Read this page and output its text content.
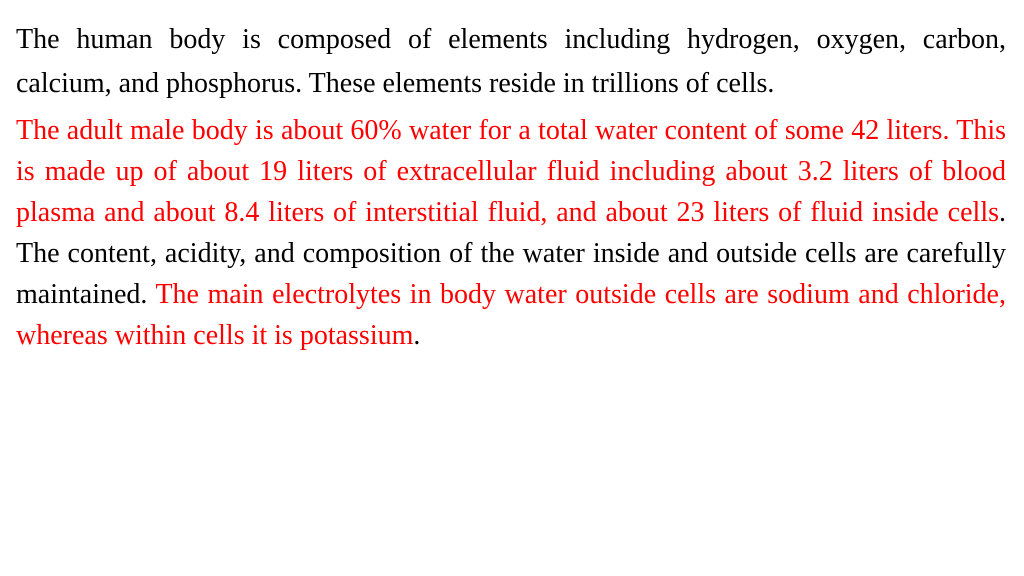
The human body is composed of elements including hydrogen, oxygen, carbon, calcium, and phosphorus. These elements reside in trillions of cells.

The adult male body is about 60% water for a total water content of some 42 liters. This is made up of about 19 liters of extracellular fluid including about 3.2 liters of blood plasma and about 8.4 liters of interstitial fluid, and about 23 liters of fluid inside cells. The content, acidity, and composition of the water inside and outside cells are carefully maintained. The main electrolytes in body water outside cells are sodium and chloride, whereas within cells it is potassium.
